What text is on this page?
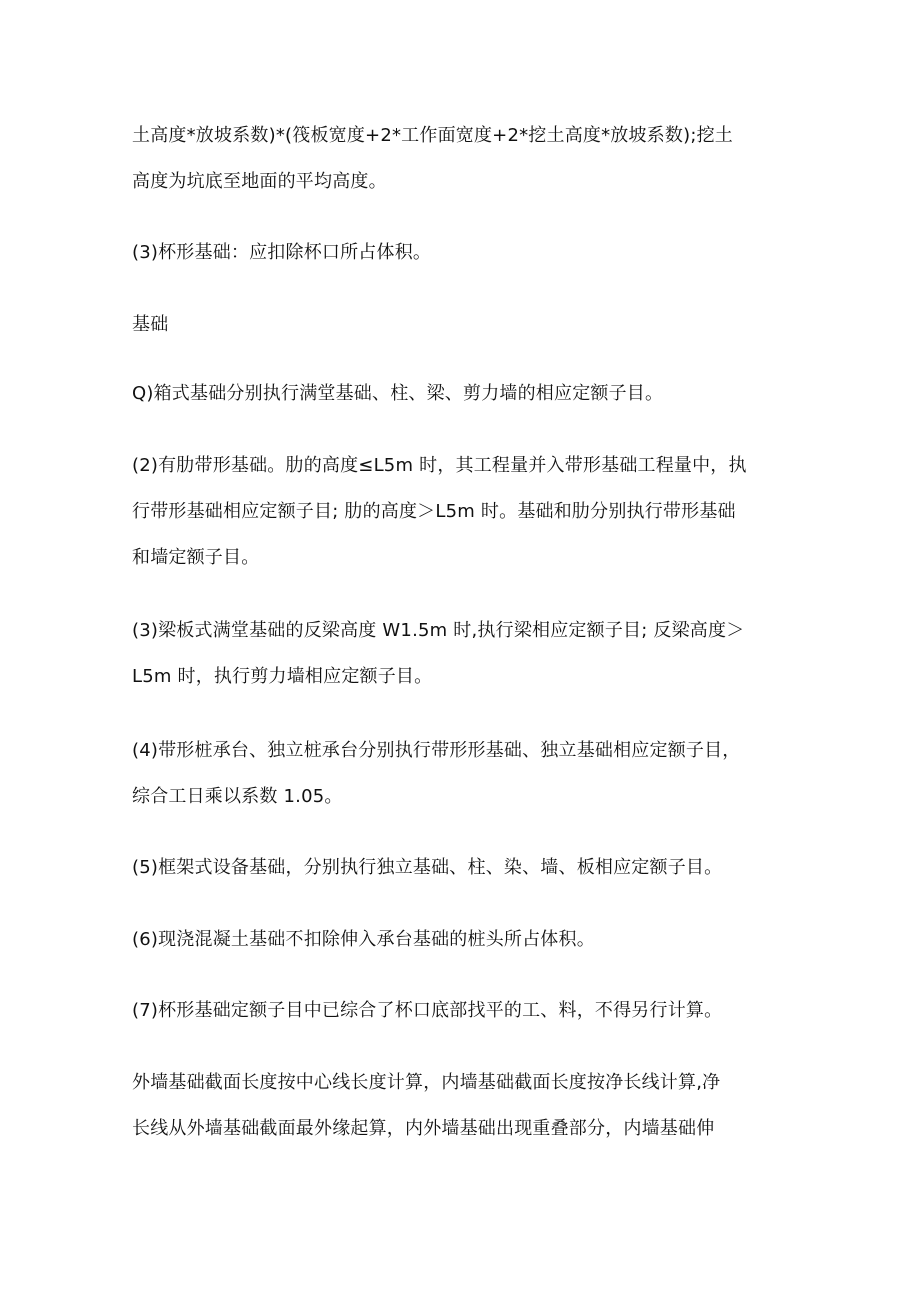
土高度*放坡系数)*(筏板宽度+2*工作面宽度+2*挖土高度*放坡系数);挖土
高度为坑底至地面的平均高度。
(3)杯形基础：应扣除杯口所占体积。
基础
Q)箱式基础分别执行满堂基础、柱、梁、剪力墙的相应定额子目。
(2)有肋带形基础。肋的高度≤L5m 时，其工程量并入带形基础工程量中，执
行带形基础相应定额子目; 肋的高度＞L5m 时。基础和肋分别执行带形基础
和墙定额子目。
(3)梁板式满堂基础的反梁高度 W1.5m 时,执行梁相应定额子目; 反梁高度＞
L5m 时，执行剪力墙相应定额子目。
(4)带形桩承台、独立桩承台分别执行带形形基础、独立基础相应定额子目，
综合工日乘以系数 1.05。
(5)框架式设备基础，分别执行独立基础、柱、染、墙、板相应定额子目。
(6)现浇混凝土基础不扣除伸入承台基础的桩头所占体积。
(7)杯形基础定额子目中已综合了杯口底部找平的工、料，不得另行计算。
外墙基础截面长度按中心线长度计算，内墙基础截面长度按净长线计算,净
长线从外墙基础截面最外缘起算，内外墙基础出现重叠部分，内墙基础伸
